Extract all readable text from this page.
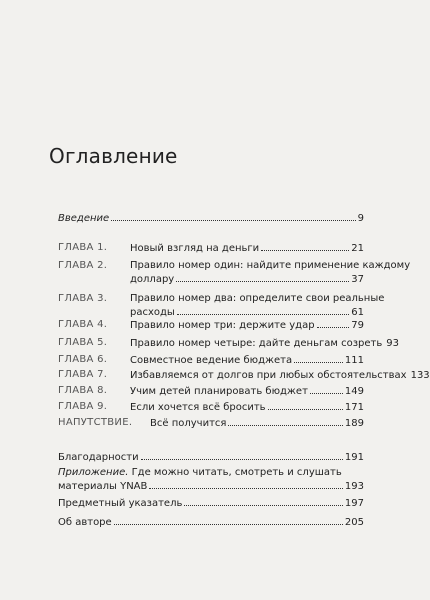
Оглавление
Введение	9
ГЛАВА 1. Новый взгляд на деньги	21
ГЛАВА 2. Правило номер один: найдите применение каждому
доллару	37
ГЛАВА 3. Правило номер два: определите свои реальные
расходы	61
ГЛАВА 4. Правило номер три: держите удар	79
ГЛАВА 5. Правило номер четыре: дайте деньгам созреть 93
ГЛАВА 6. Совместное ведение бюджета	111
ГЛАВА 7. Избавляемся от долгов при любых обстоятельствах 133
ГЛАВА 8. Учим детей планировать бюджет	149
ГЛАВА 9. Если хочется всё бросить	171
НАПУТСТВИЕ. Всё получится	189
Благодарности	191
Приложение. Где можно читать, смотреть и слушать
материалы YNAB	193
Предметный указатель	197
Об авторе	205
